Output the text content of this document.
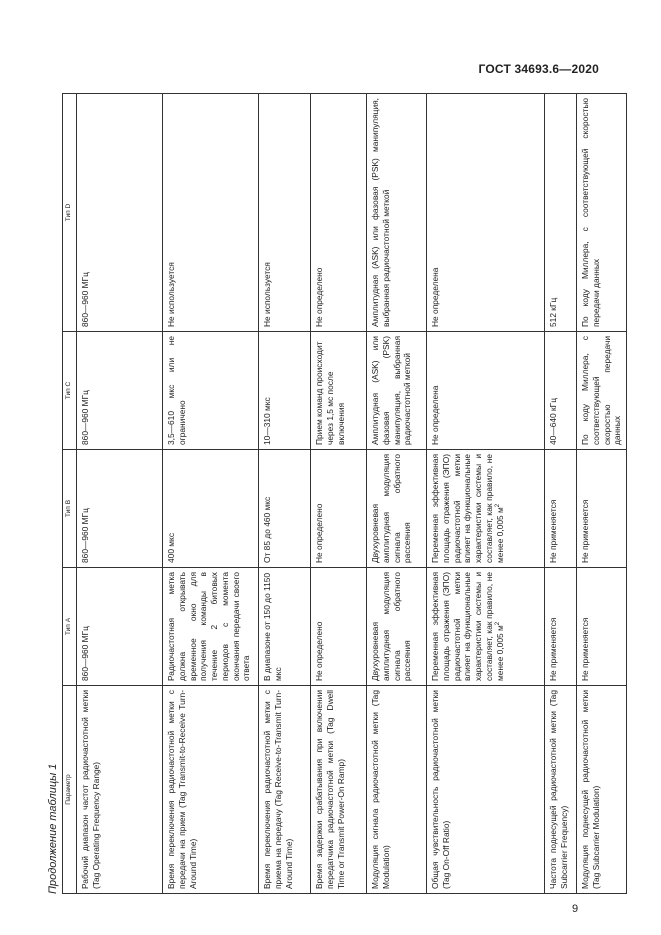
ГОСТ 34693.6—2020
Продолжение таблицы 1 Параметр	Тип A	Тип B	Тип C	Тип D
Рабочий диапазон частот радиочастотной метки (Tag Operating Frequency Range)	860—960 МГц	860—960 МГц	860—960 МГц	860—960 МГц
Время переключения радиочастотной метки с передачи на прием (Tag Transmit-to-Receive Turn-Around Time)	Радиочастотная метка должна открывать временное окно для получения команды в течение 2 битовых периодов с момента окончания передачи своего ответа	400 мкс	3,5—610 мкс или не ограничено	Не используется
Время переключения радиочастотной метки с приема на передачу (Tag Receive-to-Transmit Turn-Around Time)	В диапазоне от 150 до 1150 мкс	От 85 до 460 мкс	10—310 мкс	Не используется
Время задержки срабатывания при включении передатчика радиочастотной метки (Tag Dwell Time or Transmit Power-On Ramp)	Не определено	Не определено	Прием команд происходит через 1,5 мс после включения	Не определено
Модуляция сигнала радиочастотной метки (Tag Modulation)	Двухуровневая амплитудная модуляция сигнала обратного рассеяния	Двухуровневая амплитудная модуляция сигнала обратного рассеяния	Амплитудная (ASK) или фазовая (PSK) манипуляция, выбранная радиочастотной меткой	Амплитудная (ASK) или фазовая (PSK) манипуляция, выбранная радиочастотной меткой
Общая чувствительность радиочастотной метки (Tag On-Off Ratio)	Переменная эффективная площадь отражения (ЭПО) радиочастотной метки влияет на функциональные характеристики системы и составляет, как правило, не менее 0,005 $м^2$	Переменная эффективная площадь отражения (ЭПО) радиочастотной метки влияет на функциональные характеристики системы и составляет, как правило, не менее 0,005 $м^2$	Не определена	Не определена
Частота поднесущей радиочастотной метки (Tag Subcarrier Frequency)	Не применяется	Не применяется	40—640 кГц	512 кГц
Модуляция поднесущей радиочастотной метки (Tag Subcarrier Modulation)	Не применяется	Не применяется	По коду Миллера, с соответствующей скоростью передачи данных	По коду Миллера, с соответствующей скоростью передачи данных
9
